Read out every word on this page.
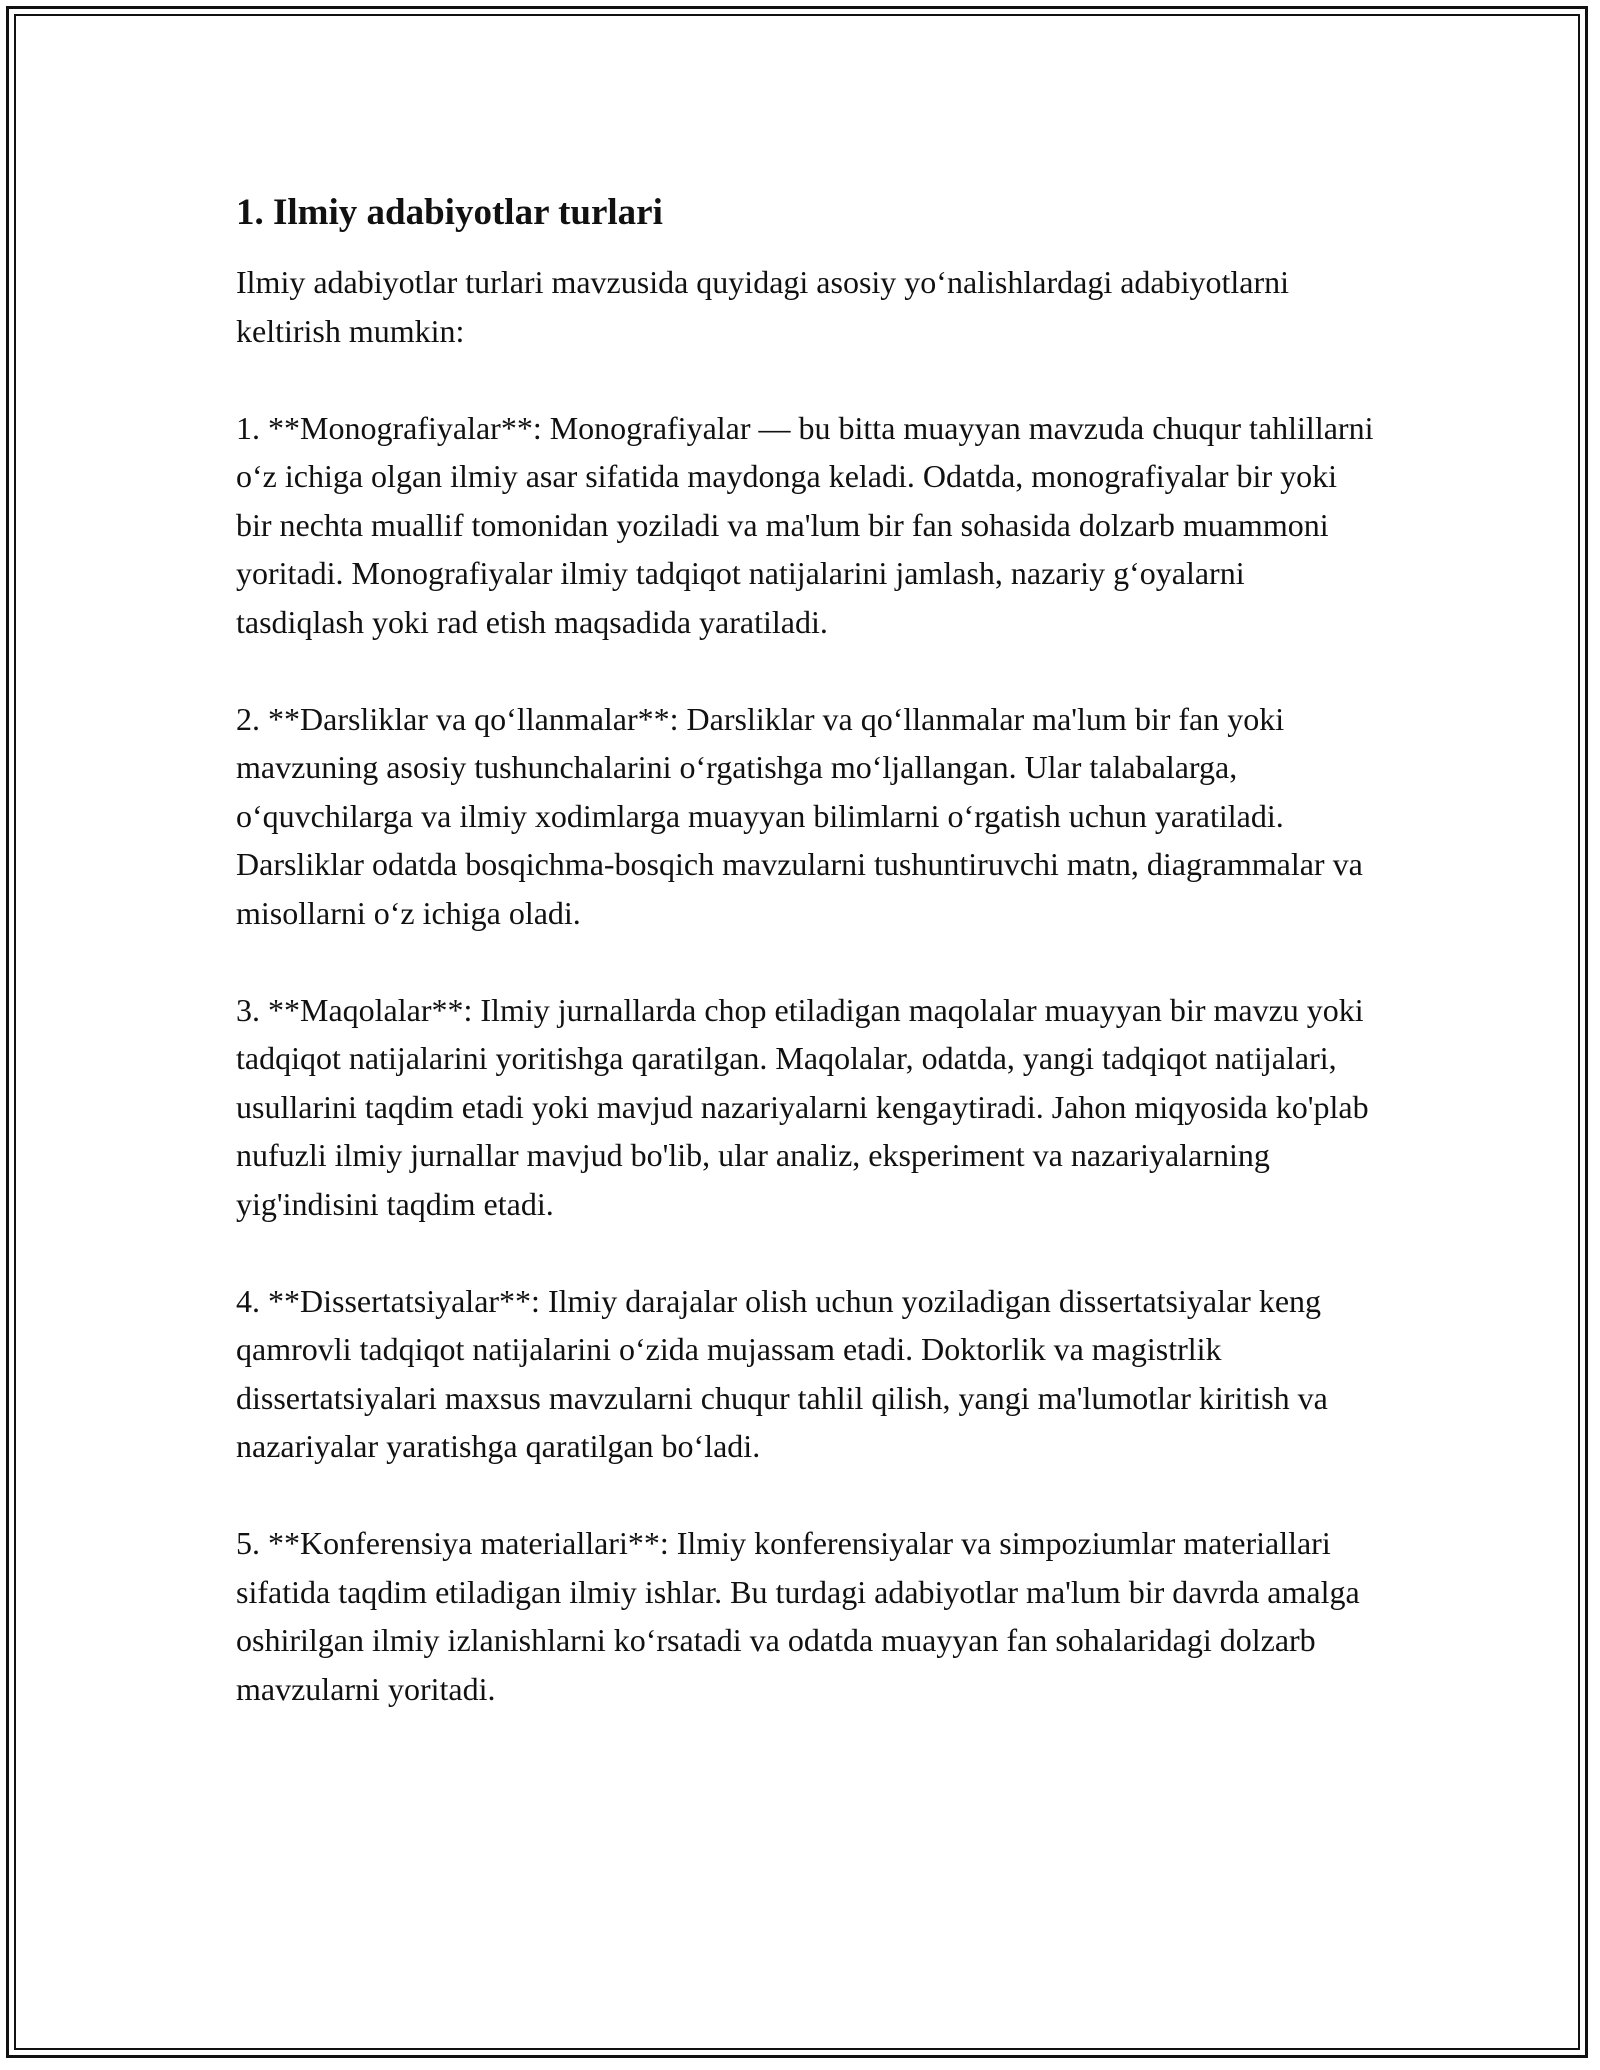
1. Ilmiy adabiyotlar turlari

Ilmiy adabiyotlar turlari mavzusida quyidagi asosiy yo‘nalishlardagi adabiyotlarni keltirish mumkin:

1. **Monografiyalar**: Monografiyalar — bu bitta muayyan mavzuda chuqur tahlillarni o‘z ichiga olgan ilmiy asar sifatida maydonga keladi. Odatda, monografiyalar bir yoki bir nechta muallif tomonidan yoziladi va ma'lum bir fan sohasida dolzarb muammoni yoritadi. Monografiyalar ilmiy tadqiqot natijalarini jamlash, nazariy g‘oyalarni tasdiqlash yoki rad etish maqsadida yaratiladi.

2. **Darsliklar va qo‘llanmalar**: Darsliklar va qo‘llanmalar ma'lum bir fan yoki mavzuning asosiy tushunchalarini o‘rgatishga mo‘ljallangan. Ular talabalarga, o‘quvchilarga va ilmiy xodimlarga muayyan bilimlarni o‘rgatish uchun yaratiladi. Darsliklar odatda bosqichma-bosqich mavzularni tushuntiruvchi matn, diagrammalar va misollarni o‘z ichiga oladi.

3. **Maqolalar**: Ilmiy jurnallarda chop etiladigan maqolalar muayyan bir mavzu yoki tadqiqot natijalarini yoritishga qaratilgan. Maqolalar, odatda, yangi tadqiqot natijalari, usullarini taqdim etadi yoki mavjud nazariyalarni kengaytiradi. Jahon miqyosida ko'plab nufuzli ilmiy jurnallar mavjud bo'lib, ular analiz, eksperiment va nazariyalarning yig'indisini taqdim etadi.

4. **Dissertatsiyalar**: Ilmiy darajalar olish uchun yoziladigan dissertatsiyalar keng qamrovli tadqiqot natijalarini o‘zida mujassam etadi. Doktorlik va magistrlik dissertatsiyalari maxsus mavzularni chuqur tahlil qilish, yangi ma'lumotlar kiritish va nazariyalar yaratishga qaratilgan bo‘ladi.

5. **Konferensiya materiallari**: Ilmiy konferensiyalar va simpoziumlar materiallari sifatida taqdim etiladigan ilmiy ishlar. Bu turdagi adabiyotlar ma'lum bir davrda amalga oshirilgan ilmiy izlanishlarni ko‘rsatadi va odatda muayyan fan sohalaridagi dolzarb mavzularni yoritadi.
